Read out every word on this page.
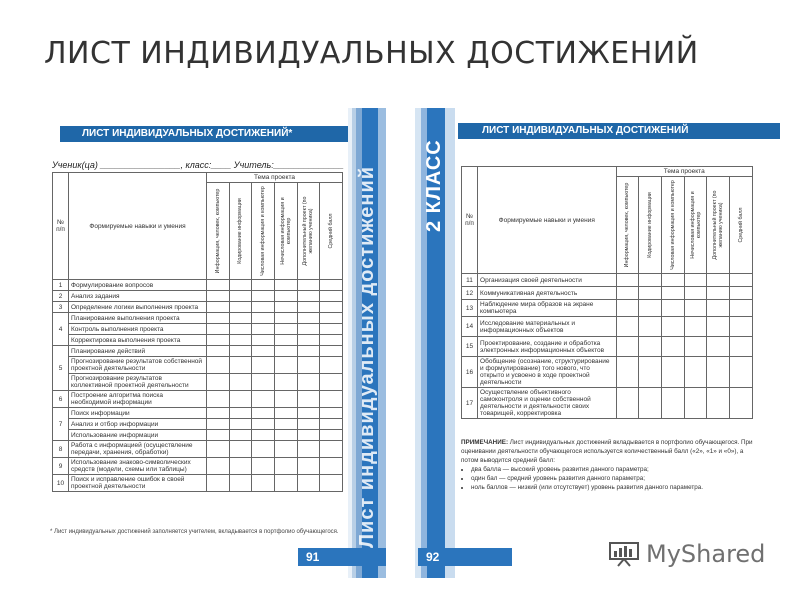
ЛИСТ ИНДИВИДУАЛЬНЫХ ДОСТИЖЕНИЙ
ЛИСТ ИНДИВИДУАЛЬНЫХ ДОСТИЖЕНИЙ*
Ученик(ца) ________________, класс:____ Учитель:______________
№ п/п	Формируемые навыки и умения	Тема проекта					

		Информация, человек, компьютер	Кодирование информации	Числовая информация и компьютер	Нечисловая информация и компьютер	Дополнительный проект (по желанию ученика)	Средний балл

1	Формулирование вопросов						
2	Анализ задания						
3	Определение логики выполнения проекта						
4	Планирование выполнения проекта						
	Контроль выполнения проекта						
	Корректировка выполнения проекта						
5	Планирование действий						
	Прогнозирование результатов собственной проектной деятельности						
	Прогнозирование результатов коллективной проектной деятельности						
6	Построение алгоритма поиска необходимой информации						
7	Поиск информации						
	Анализ и отбор информации						
	Использование информации						
8	Работа с информацией (осуществление передачи, хранения, обработки)						
9	Использование знаково-символических средств (модели, схемы или таблицы)						
10	Поиск и исправление ошибок в своей проектной деятельности						
* Лист индивидуальных достижений заполняется учителем, вкладывается в портфолио обучающегося.
ЛИСТ ИНДИВИДУАЛЬНЫХ ДОСТИЖЕНИЙ
№ п/п	Формируемые навыки и умения	Тема проекта					

		Информация, человек, компьютер	Кодирование информации	Числовая информация и компьютер	Нечисловая информация и компьютер	Дополнительный проект (по желанию ученика)	Средний балл

11	Организация своей деятельности						
12	Коммуникативная деятельность						
13	Наблюдение мира образов на экране компьютера						
14	Исследование материальных и информационных объектов						
15	Проектирование, создание и обработка электронных информационных объектов						
16	Обобщение (осознание, структурирование и формулирование) того нового, что открыто и усвоено в ходе проектной деятельности						
17	Осуществление объективного самоконтроля и оценки собственной деятельности и деятельности своих товарищей, корректировка						
ПРИМЕЧАНИЕ: Лист индивидуальных достижений вкладывается в портфолио обучающегося. При оценивании деятельности обучающегося используется количественный балл («2», «1» и «0»), а потом выводится средний балл:
• два балла — высокий уровень развития данного параметра;
• один бал — средний уровень развития данного параметра;
• ноль баллов — низкий (или отсутствует) уровень развития данного параметра.
Лист индивидуальных достижений 2 КЛАСС
91	92	MyShared
